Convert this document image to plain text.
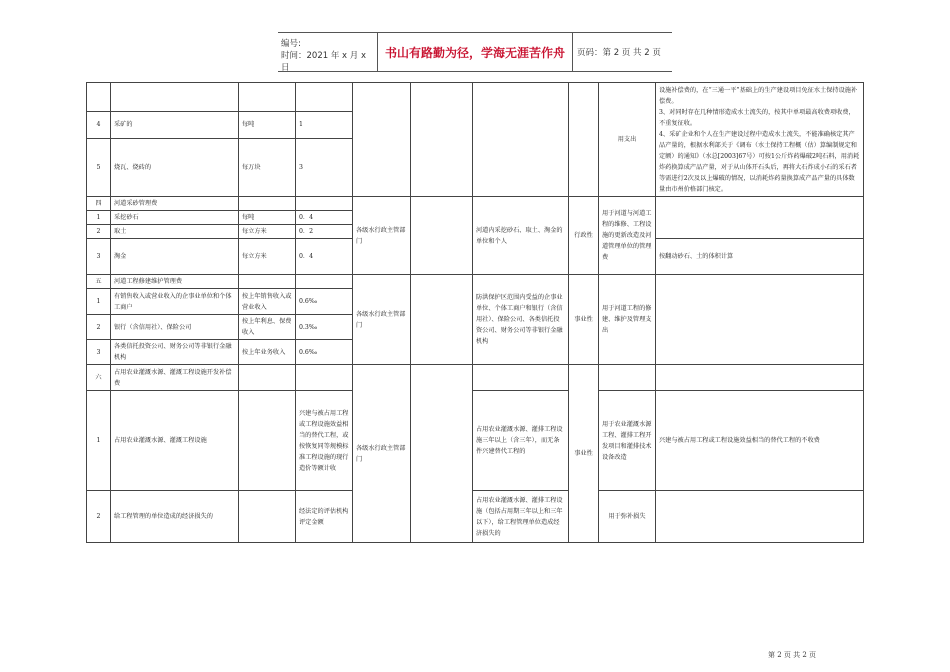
编号:
时间：2021 年 x 月 x 日
书山有路勤为径，学海无涯苦作舟	页码：第 2 页 共 2 页
								用支出	设施补偿费的，在“三通一平”基础上的生产建设项目免征水土保持设施补偿费。
3、对同时存在几种情形造成水土流失的，按其中单项最高收费项收费，不重复征收。
4、采矿企业和个人在生产建设过程中造成水土流失，不能准确核定其产品产量的，根据水利部关于《调布（水土保持工程概（估）算编制规定和定额）的通知》（水总[2003]67号）可按1公斤炸药爆破2吨石料，用消耗炸药换算成产品产量，对于从山体开石头后，再将大石炸成小石的采石者等需进行2次及以上爆破的情况，以消耗炸药量换算成产品产量的具体数量由市州价格部门核定。
4	采矿的	每吨	1						
5	烧瓦、烧砖的	每万块	3						
四	河道采砂管理费			各级水行政主管部门		河道内采挖砂石、取土、淘金的单位和个人	行政性	用于河道与河道工程的维修、工程设施的更新改造及河道管理单位的管理费	
1	采挖砂石	每吨	0．4						
2	取土	每立方米	0．2						
3	淘金	每立方米	0．4						按翻动砂石、土的体积计算
五	河道工程修建维护管理费			各级水行政主管部门		防洪保护区范围内受益的企事业单位、个体工商户和银行（含信用社）、保险公司、各类信托投资公司、财务公司等非银行金融机构	事业性	用于河道工程的修建、维护及管理支出	
1	有销售收入或营业收入的企事业单位和个体工商户	按上年销售收入或营业收入	0.6‰						
2	银行（含信用社）、保险公司	按上年利息、保费收入	0.3‰						
3	各类信托投资公司、财务公司等非银行金融机构	按上年业务收入	0.6‰						
六	占用农业灌溉水源、灌溉工程设施开发补偿费			各级水行政主管部门			事业性		
1	占用农业灌溉水源、灌溉工程设施		兴建与被占用工程或工程设施效益相当的替代工程，或按恢复同等规模标准工程设施的现行造价等额计收			占用农业灌溉水源、灌排工程设施三年以上（含三年），而无条件兴建替代工程的		用于农业灌溉水源工程、灌排工程开发项目和灌排技术设备改造	兴建与被占用工程或工程设施效益相当的替代工程的不收费
2	给工程管理的单位造成的经济损失的		经法定的评估机构评定金额			占用农业灌溉水源、灌排工程设施（包括占用期三年以上和三年以下），给工程管理单位造成经济损失的		用于弥补损失	
第 2 页 共 2 页
